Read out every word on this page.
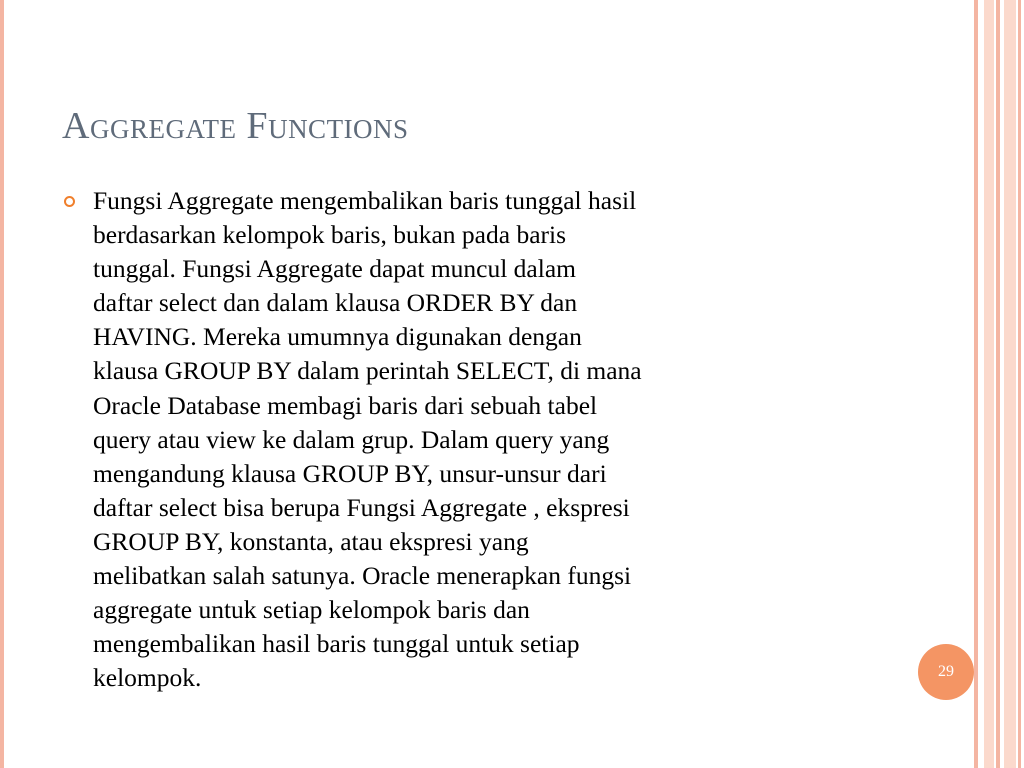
Aggregate Functions

Fungsi Aggregate mengembalikan baris tunggal hasil
berdasarkan kelompok baris, bukan pada baris
tunggal. Fungsi Aggregate dapat muncul dalam
daftar select dan dalam klausa ORDER BY dan
HAVING. Mereka umumnya digunakan dengan
klausa GROUP BY dalam perintah SELECT, di mana
Oracle Database membagi baris dari sebuah tabel
query atau view ke dalam grup. Dalam query yang
mengandung klausa GROUP BY, unsur-unsur dari
daftar select bisa berupa Fungsi Aggregate , ekspresi
GROUP BY, konstanta, atau ekspresi yang
melibatkan salah satunya. Oracle menerapkan fungsi
aggregate untuk setiap kelompok baris dan
mengembalikan hasil baris tunggal untuk setiap
kelompok.	29
